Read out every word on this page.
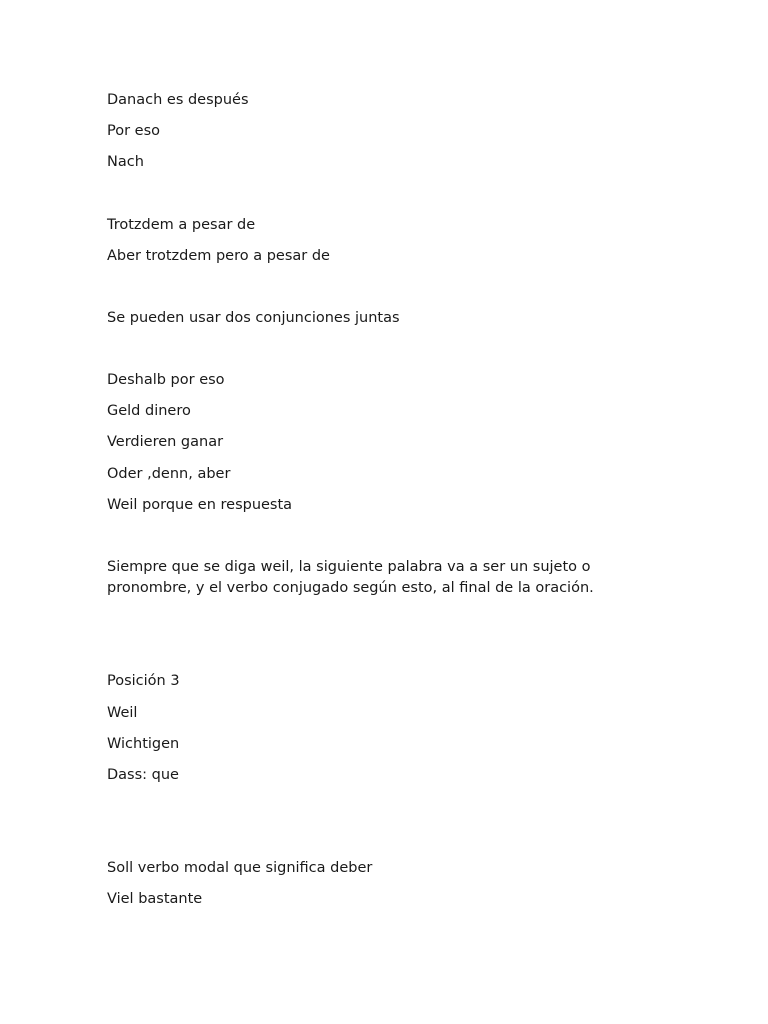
Danach es después
Por eso
Nach
Trotzdem a pesar de
Aber trotzdem pero a pesar de
Se pueden usar dos conjunciones juntas
Deshalb por eso
Geld dinero
Verdieren ganar
Oder ,denn, aber
Weil porque en respuesta
Siempre que se diga weil, la siguiente palabra va a ser un sujeto o pronombre, y el verbo conjugado según esto, al final de la oración.
Posición 3
Weil
Wichtigen
Dass: que
Soll verbo modal que significa deber
Viel bastante
